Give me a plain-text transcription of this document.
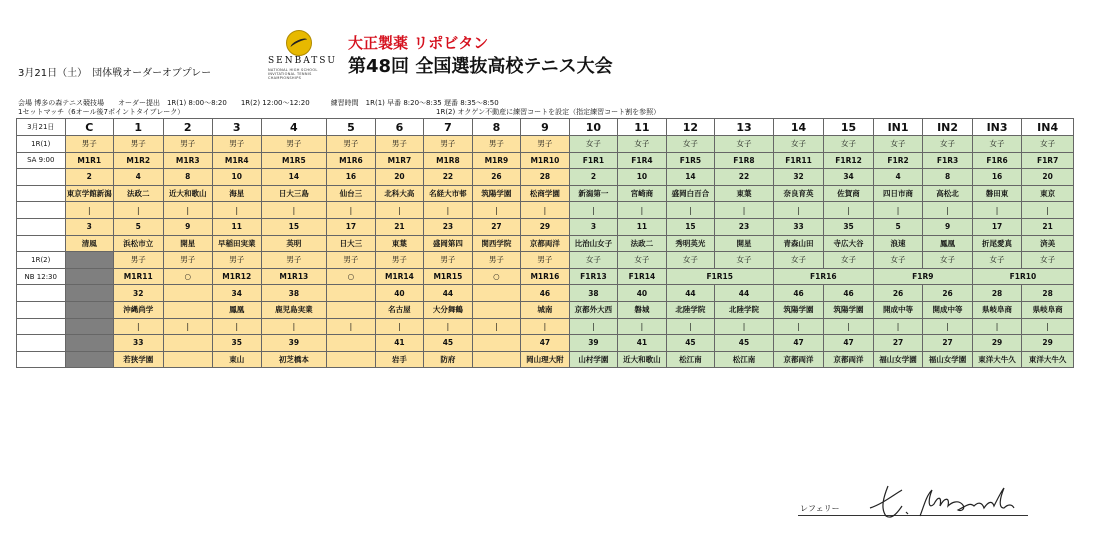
3月21日（土）　団体戦オーダーオブプレー
SENBATSU
NATIONAL HIGH SCHOOL INVITATIONAL TENNIS CHAMPIONSHIPS
大正製薬 リポビタン
第48回 全国選抜高校テニス大会
会場 博多の森テニス競技場　　オーダー提出　1R(1) 8:00～8:20　　1R(2) 12:00～12:20　　　練習時間　1R(1) 早番 8:20～8:35 遅番 8:35～8:50
1セットマッチ（6オール後7ポイントタイブレーク）	1R(2) オクゲン不動産に練習コートを設定（指定練習コート割を参照）
3月21日	C	1	2	3	4	5	6	7	8	9	10	11	12	13	14	15	IN1	IN2	IN3	IN4
1R(1)	男子	男子	男子	男子	男子	男子	男子	男子	男子	男子	女子	女子	女子	女子	女子	女子	女子	女子	女子	女子
SA 9:00	M1R1	M1R2	M1R3	M1R4	M1R5	M1R6	M1R7	M1R8	M1R9	M1R10	F1R1	F1R4	F1R5	F1R8	F1R11	F1R12	F1R2	F1R3	F1R6	F1R7
	2	4	8	10	14	16	20	22	26	28	2	10	14	22	32	34	4	8	16	20
	東京学館新潟	法政二	近大和歌山	海星	日大三島	仙台三	北科大高	名経大市邨	筑陽学園	松商学園	新潟第一	宮崎商	盛岡白百合	東葉	奈良育英	佐賀商	四日市商	高松北	磐田東	東京
	|	|	|	|	|	|	|	|	|	|	|	|	|	|	|	|	|	|	|	|
	3	5	9	11	15	17	21	23	27	29	3	11	15	23	33	35	5	9	17	21
	清風	浜松市立	開星	早稲田実業	英明	日大三	東葉	盛岡第四	関西学院	京都両洋	比治山女子	法政二	秀明英光	開星	青森山田	寺広大谷	浪速	鳳凰	折尾愛真	済美
1R(2)		男子	男子	男子	男子	男子	男子	男子	男子	男子	女子	女子	女子	女子	女子	女子	女子	女子	女子	女子
NB 12:30		M1R11	○	M1R12	M1R13	○	M1R14	M1R15	○	M1R16	F1R13	F1R14	F1R15		F1R16		F1R9		F1R10	
		32		34	38		40	44		46	38	40	44	44	46	46	26	26	28	28
		沖縄尚学		鳳凰	鹿児島実業		名古屋	大分舞鶴		城南	京都外大西	磐城	北陸学院	北陸学院	筑陽学園	筑陽学園	開成中等	開成中等	県岐阜商	県岐阜商
		|	|	|	|	|	|	|	|	|	|	|	|	|	|	|	|	|	|	|
		33		35	39		41	45		47	39	41	45	45	47	47	27	27	29	29
		若狭学園		東山	初芝橋本		岩手	防府		岡山理大附	山村学園	近大和歌山	松江南	松江南	京都両洋	京都両洋	福山女学園	福山女学園	東洋大牛久	東洋大牛久
レフェリー
